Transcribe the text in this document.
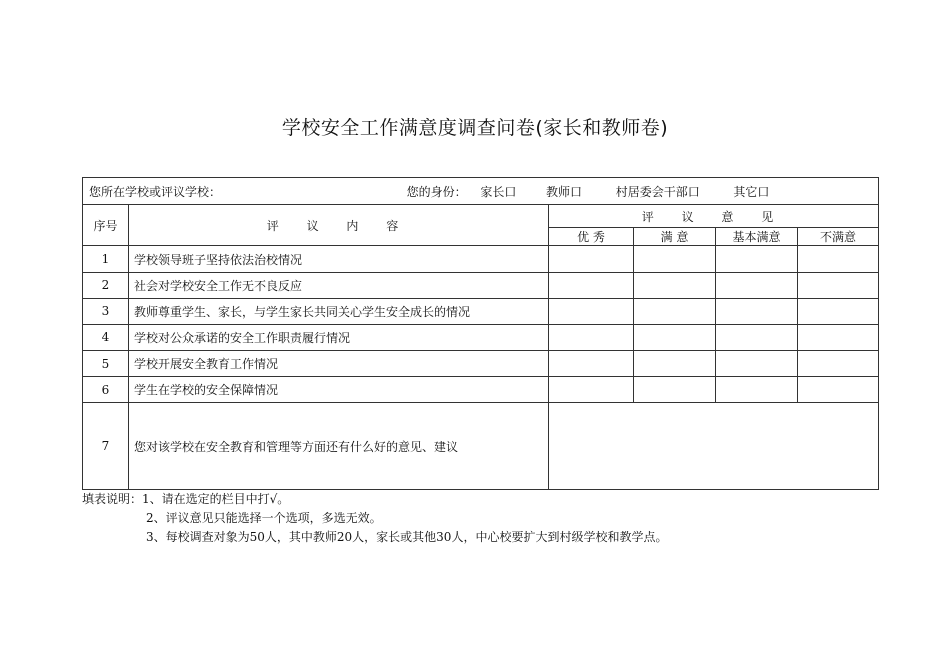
学校安全工作满意度调查问卷(家长和教师卷)
您所在学校或评议学校： 您的身份： 家长口 教师口 村居委会干部口 其它口					
序号	评 议 内 容	评 议 意 见			
		优 秀	满 意	基本满意	不满意
1	学校领导班子坚持依法治校情况				
2	社会对学校安全工作无不良反应				
3	教师尊重学生、家长，与学生家长共同关心学生安全成长的情况				
4	学校对公众承诺的安全工作职责履行情况				
5	学校开展安全教育工作情况				
6	学生在学校的安全保障情况				
7	您对该学校在安全教育和管理等方面还有什么好的意见、建议				
填表说明：1、请在选定的栏目中打√。
2、评议意见只能选择一个选项，多选无效。
3、每校调查对象为50人，其中教师20人，家长或其他30人，中心校要扩大到村级学校和教学点。
